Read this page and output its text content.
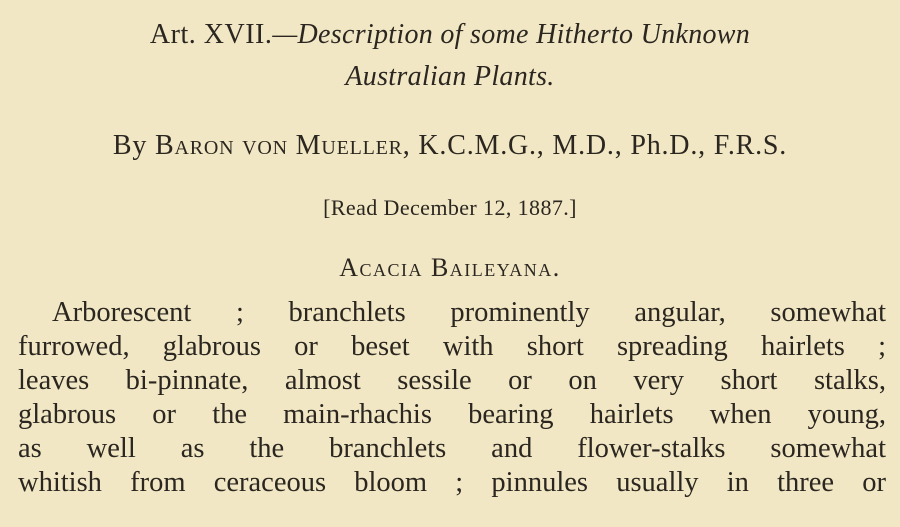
Art. XVII.—Description of some Hitherto Unknown
Australian Plants.
By Baron von Mueller, K.C.M.G., M.D., Ph.D., F.R.S.
[Read December 12, 1887.]
Acacia Baileyana.
Arborescent ; branchlets prominently angular, somewhat
furrowed, glabrous or beset with short spreading hairlets ;
leaves bi-pinnate, almost sessile or on very short stalks,
glabrous or the main-rhachis bearing hairlets when young,
as well as the branchlets and flower-stalks somewhat
whitish from ceraceous bloom ; pinnules usually in three or
